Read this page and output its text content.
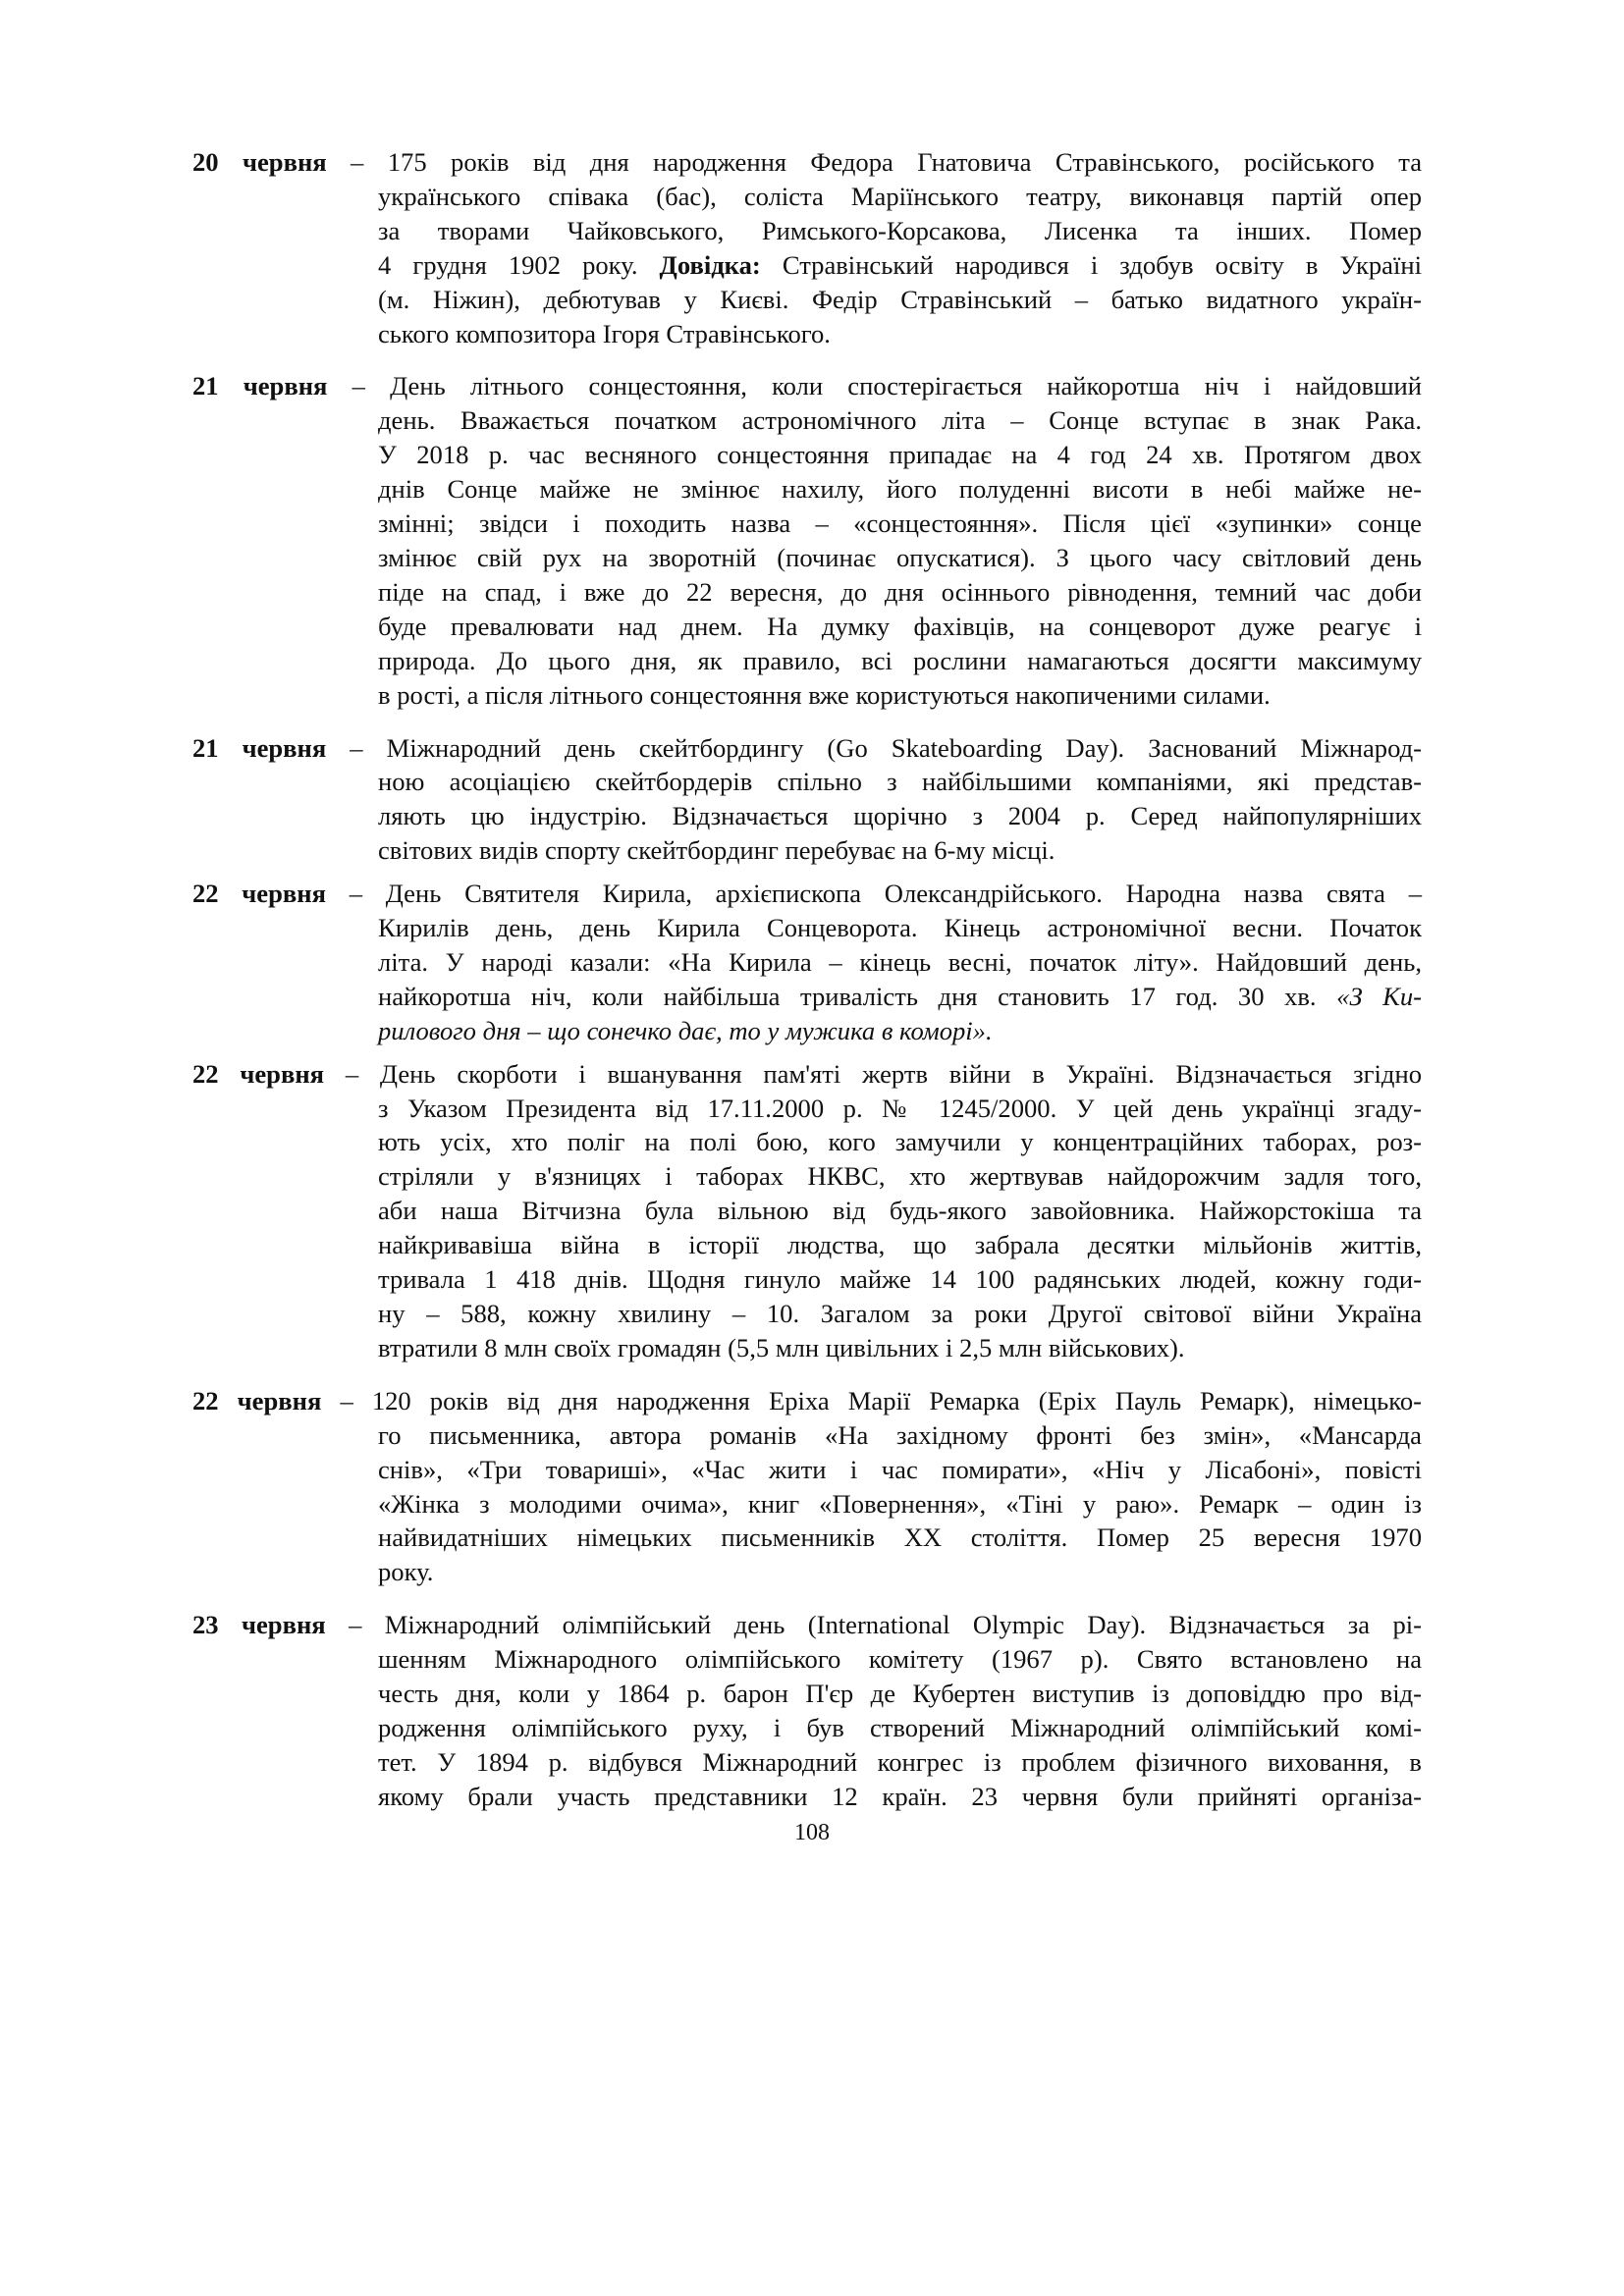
20 червня – 175 років від дня народження Федора Гнатовича Стравінського, російського та
українського співака (бас), соліста Маріїнського театру, виконавця партій опер
за творами Чайковського, Римського-Корсакова, Лисенка та інших. Помер
4 грудня 1902 року. Довідка: Стравінський народився і здобув освіту в Україні
(м. Ніжин), дебютував у Києві. Федір Стравінський – батько видатного україн-
ського композитора Ігоря Стравінського.
21 червня – День літнього сонцестояння, коли спостерігається найкоротша ніч і найдовший
день. Вважається початком астрономічного літа – Сонце вступає в знак Рака.
У 2018 р. час весняного сонцестояння припадає на 4 год 24 хв. Протягом двох
днів Сонце майже не змінює нахилу, його полуденні висоти в небі майже не-
змінні; звідси і походить назва – «сонцестояння». Після цієї «зупинки» сонце
змінює свій рух на зворотній (починає опускатися). З цього часу світловий день
піде на спад, і вже до 22 вересня, до дня осіннього рівнодення, темний час доби
буде превалювати над днем. На думку фахівців, на сонцеворот дуже реагує і
природа. До цього дня, як правило, всі рослини намагаються досягти максимуму
в рості, а після літнього сонцестояння вже користуються накопиченими силами.
21 червня – Міжнародний день скейтбордингу (Go Skateboarding Day). Заснований Міжнарод-
ною асоціацією скейтбордерів спільно з найбільшими компаніями, які представ-
ляють цю індустрію. Відзначається щорічно з 2004 р. Серед найпопулярніших
світових видів спорту скейтбординг перебуває на 6-му місці.
22 червня – День Святителя Кирила, архієпископа Олександрійського. Народна назва свята –
Кирилів день, день Кирила Сонцеворота. Кінець астрономічної весни. Початок
літа. У народі казали: «На Кирила – кінець весні, початок літу». Найдовший день,
найкоротша ніч, коли найбільша тривалість дня становить 17 год. 30 хв. «З Ки-
рилового дня – що сонечко дає, то у мужика в коморі».
22 червня – День скорботи і вшанування пам'яті жертв війни в Україні. Відзначається згідно
з Указом Президента від 17.11.2000 р. № 1245/2000. У цей день українці згаду-
ють усіх, хто поліг на полі бою, кого замучили у концентраційних таборах, роз-
стріляли у в'язницях і таборах НКВС, хто жертвував найдорожчим задля того,
аби наша Вітчизна була вільною від будь-якого завойовника. Найжорстокіша та
найкривавіша війна в історії людства, що забрала десятки мільйонів життів,
тривала 1 418 днів. Щодня гинуло майже 14 100 радянських людей, кожну годи-
ну – 588, кожну хвилину – 10. Загалом за роки Другої світової війни Україна
втратили 8 млн своїх громадян (5,5 млн цивільних і 2,5 млн військових).
22 червня – 120 років від дня народження Еріха Марії Ремарка (Еріх Пауль Ремарк), німецько-
го письменника, автора романів «На західному фронті без змін», «Мансарда
снів», «Три товариші», «Час жити і час помирати», «Ніч у Лісабоні», повісті
«Жінка з молодими очима», книг «Повернення», «Тіні у раю». Ремарк – один із
найвидатніших німецьких письменників ХХ століття. Помер 25 вересня 1970
року.
23 червня – Міжнародний олімпійський день (International Olympic Day). Відзначається за рі-
шенням Міжнародного олімпійського комітету (1967 р). Свято встановлено на
честь дня, коли у 1864 р. барон П'єр де Кубертен виступив із доповіддю про від-
родження олімпійського руху, і був створений Міжнародний олімпійський комі-
тет. У 1894 р. відбувся Міжнародний конгрес із проблем фізичного виховання, в
якому брали участь представники 12 країн. 23 червня були прийняті організа-
108
